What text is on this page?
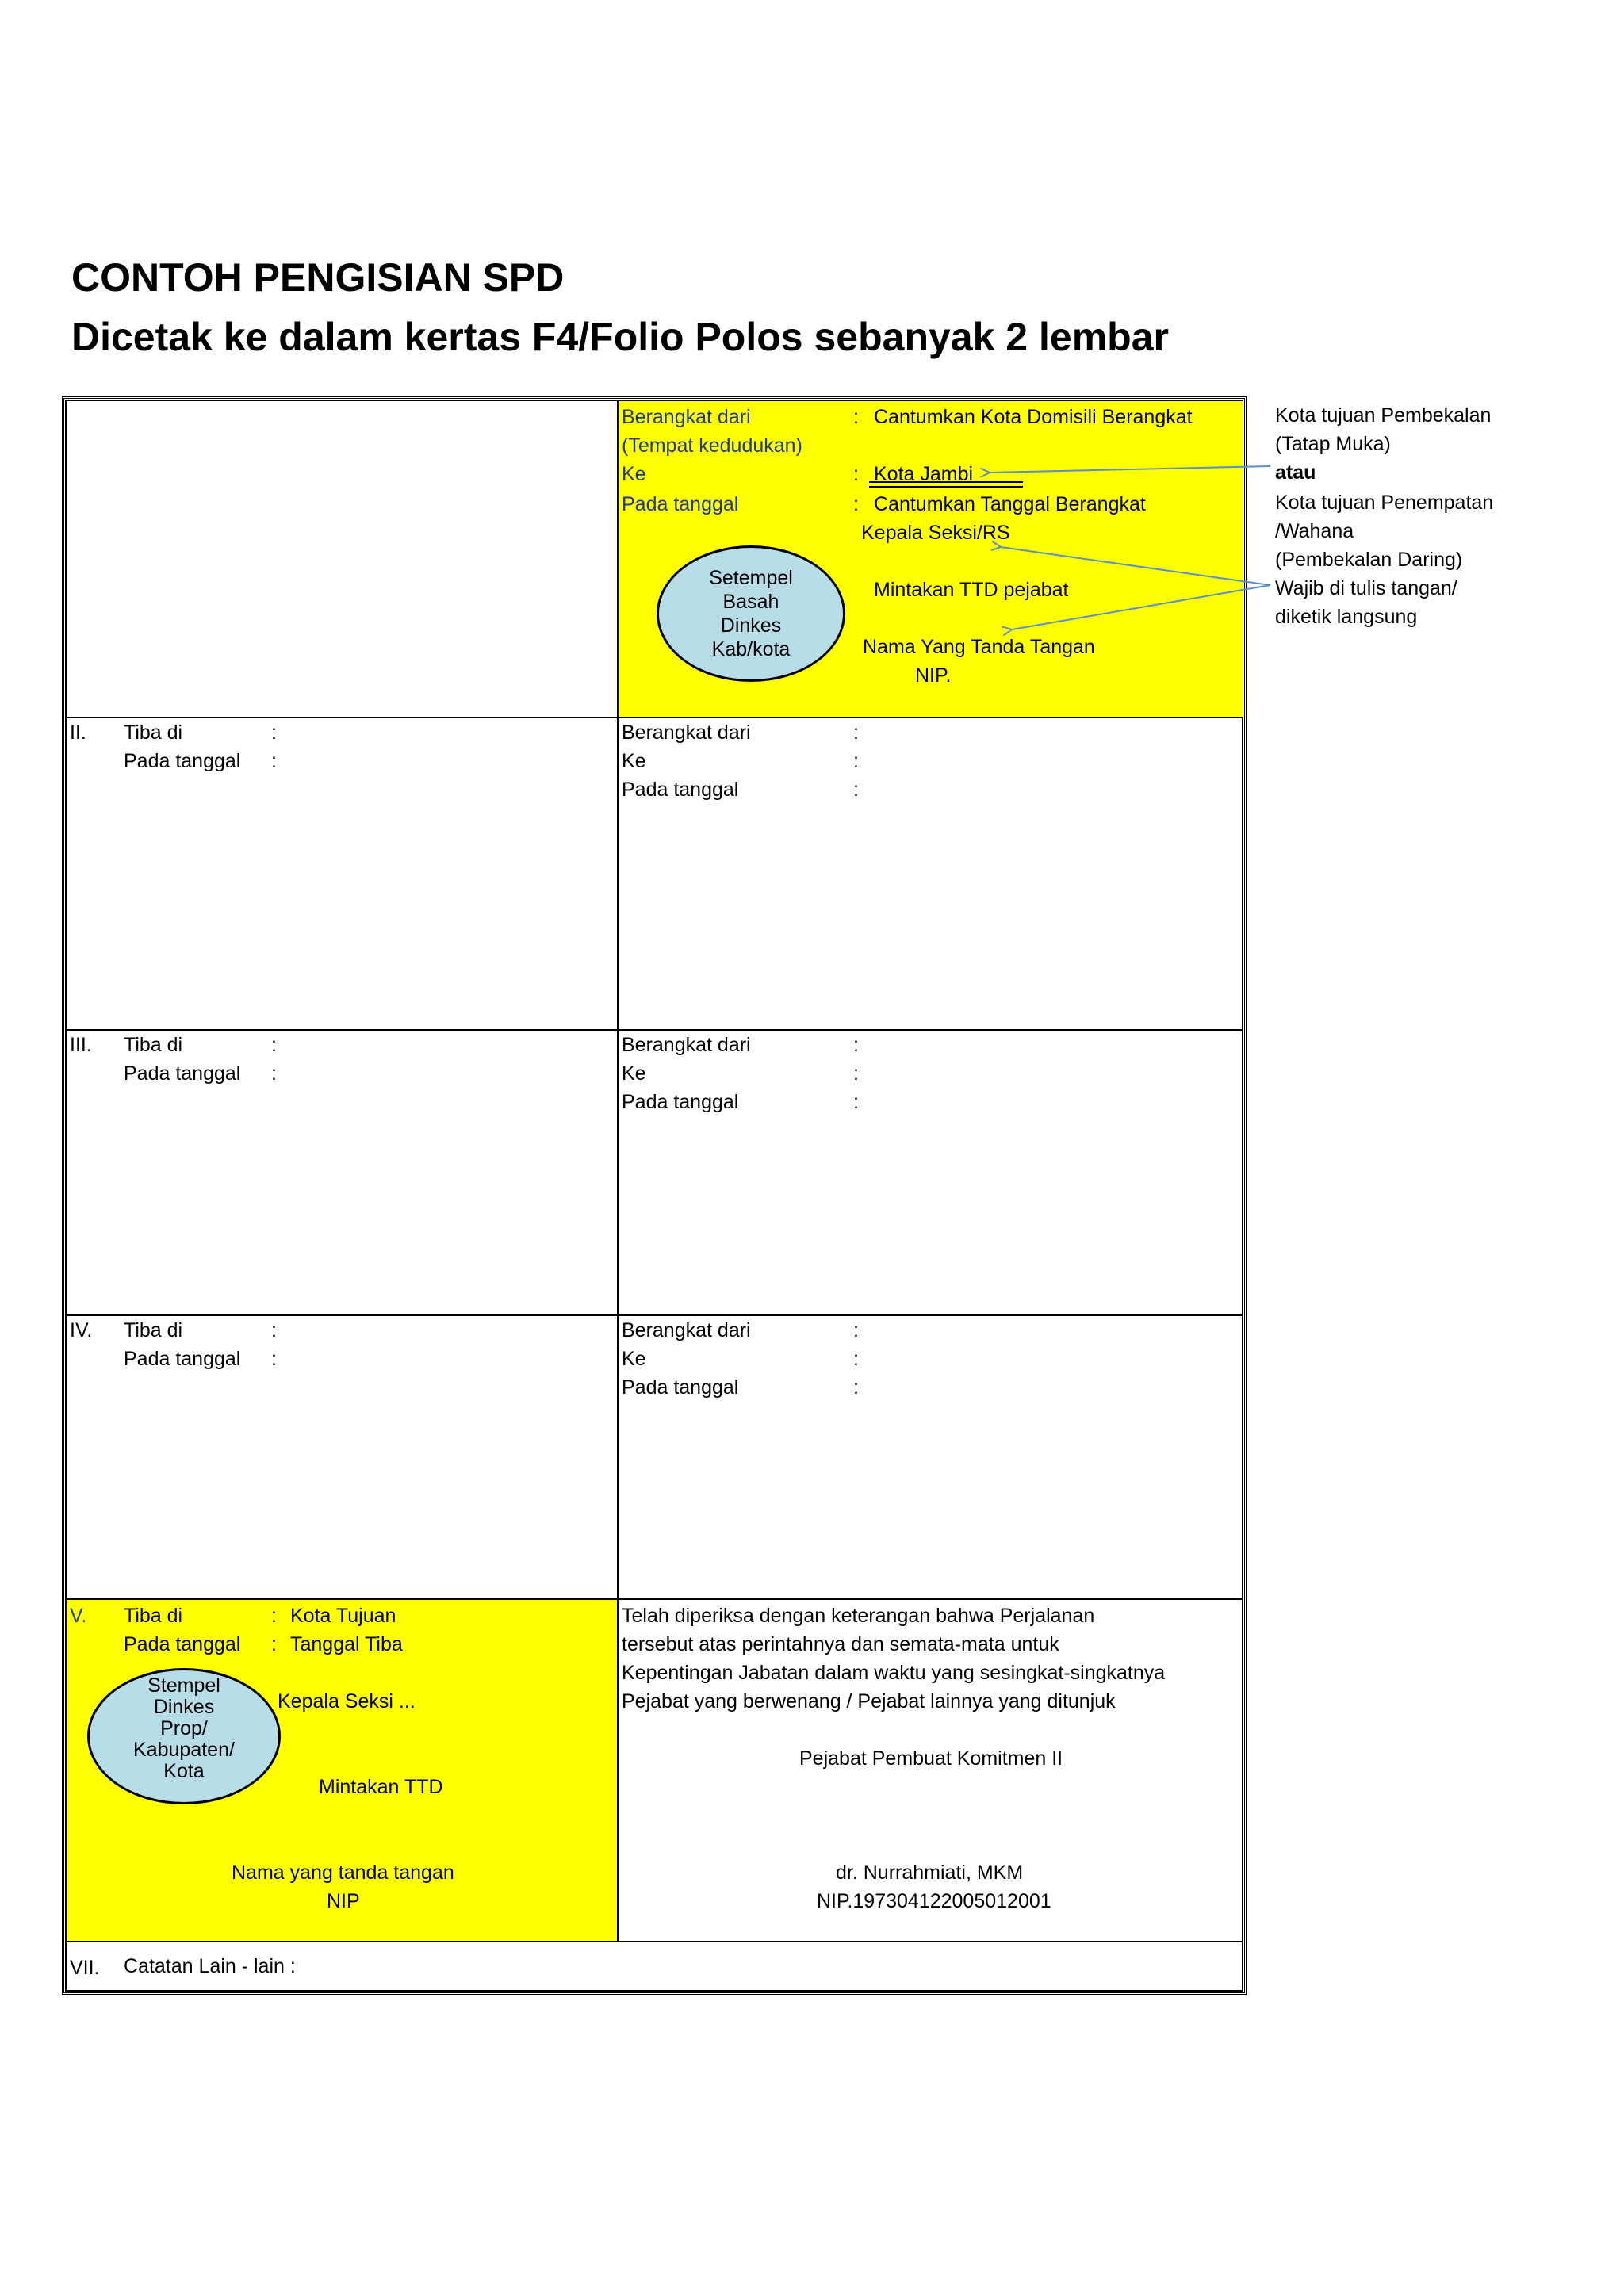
CONTOH PENGISIAN SPD
Dicetak ke dalam kertas F4/Folio Polos sebanyak 2 lembar
Berangkat dari
(Tempat kedudukan)
Ke
Pada tanggal
:
:
:
Cantumkan Kota Domisili Berangkat
Kota Jambi
Cantumkan Tanggal Berangkat
Kepala Seksi/RS
Setempel
Basah
Dinkes
Kab/kota
Mintakan TTD pejabat
Nama Yang Tanda Tangan
NIP.
II. Tiba di
Pada tanggal
:
:
Berangkat dari
Ke
Pada tanggal
:
:
:
III. Tiba di
Pada tanggal
:
:
Berangkat dari
Ke
Pada tanggal
:
:
:
IV. Tiba di
Pada tanggal
:
:
Berangkat dari
Ke
Pada tanggal
:
:
:
V. Tiba di
Pada tanggal
:
:
Kota Tujuan
Tanggal Tiba
Stempel
Dinkes
Prop/
Kabupaten/
Kota
Kepala Seksi ...
Mintakan TTD
Nama yang tanda tangan
NIP
Telah diperiksa dengan keterangan bahwa Perjalanan
tersebut atas perintahnya dan semata-mata untuk
Kepentingan Jabatan dalam waktu yang sesingkat-singkatnya
Pejabat yang berwenang / Pejabat lainnya yang ditunjuk
Pejabat Pembuat Komitmen II
dr. Nurrahmiati, MKM
NIP.197304122005012001
VII. Catatan Lain - lain :
Kota tujuan Pembekalan
(Tatap Muka)
atau
Kota tujuan Penempatan
/Wahana
(Pembekalan Daring)
Wajib di tulis tangan/
diketik langsung
